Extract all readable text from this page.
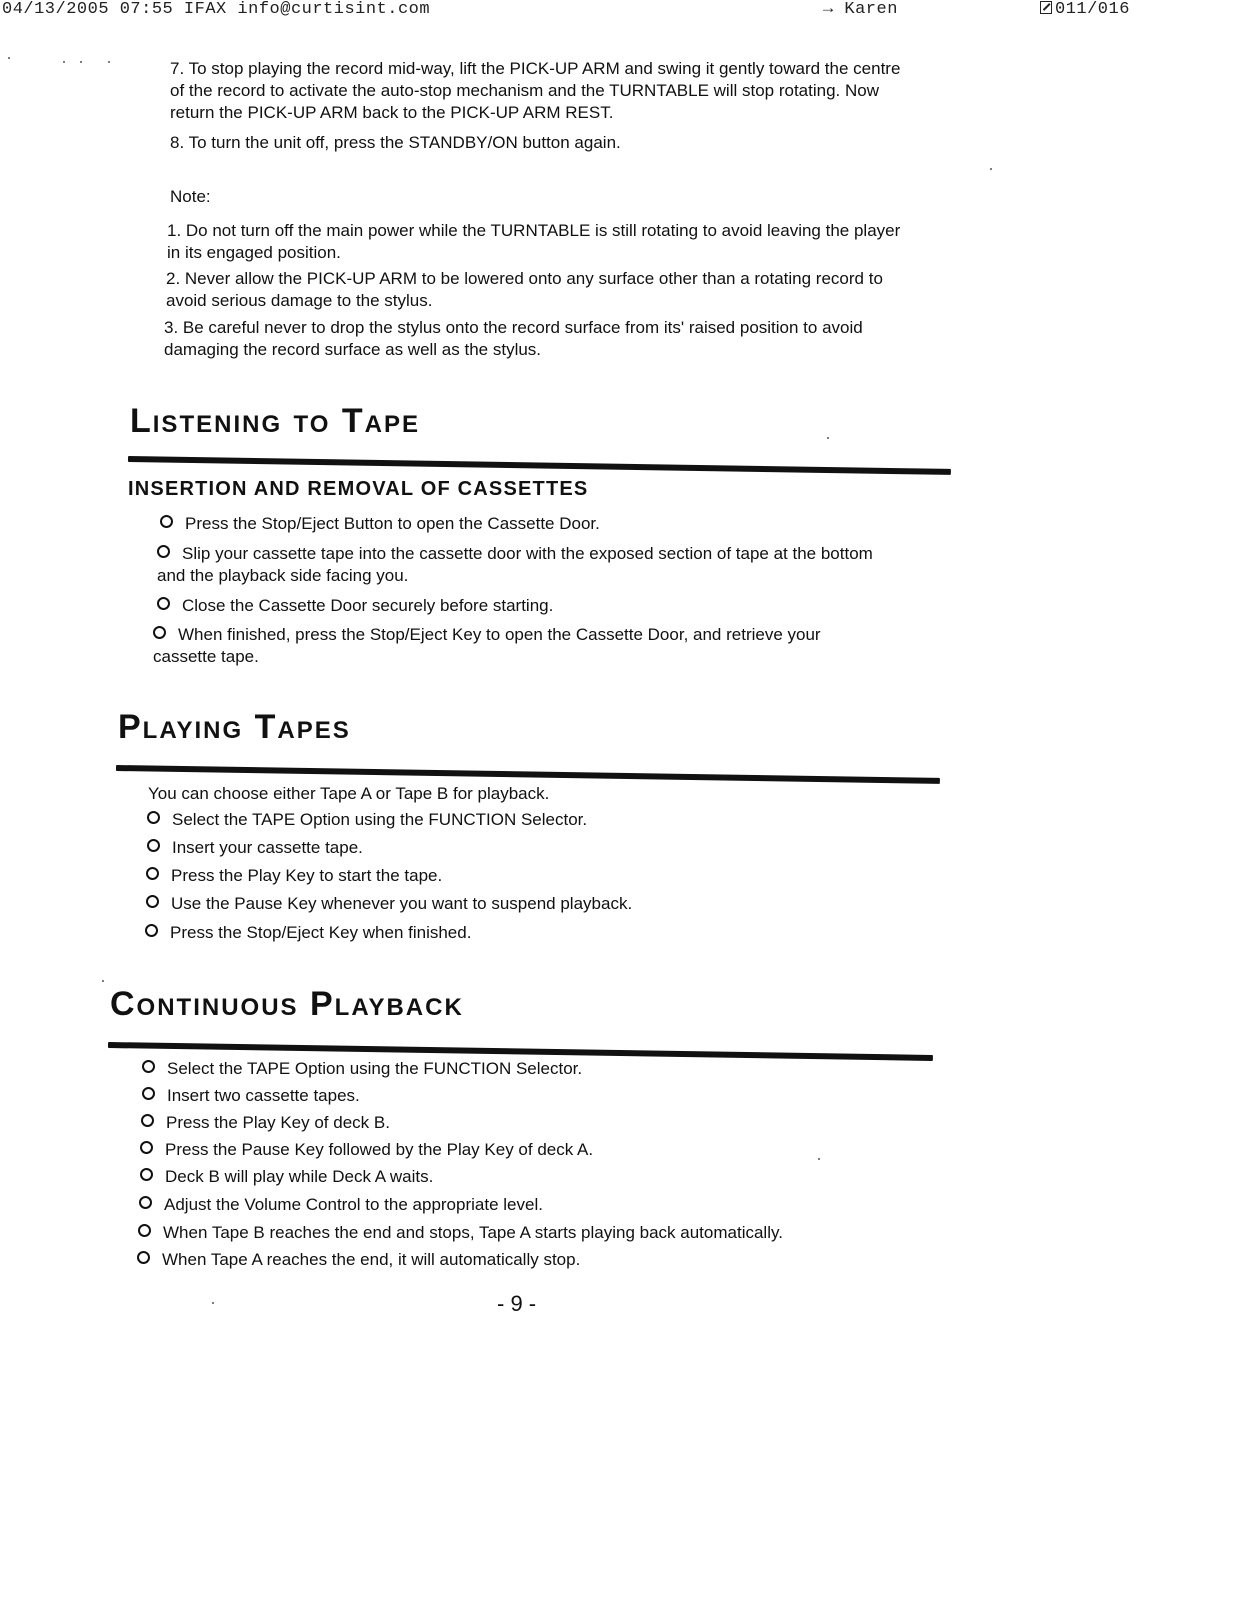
04/13/2005 07:55 IFAX info@curtisint.com	→ Karen	011/016
7. To stop playing the record mid-way, lift the PICK-UP ARM and swing it gently toward the centre of the record to activate the auto-stop mechanism and the TURNTABLE will stop rotating. Now return the PICK-UP ARM back to the PICK-UP ARM REST.
8. To turn the unit off, press the STANDBY/ON button again.
Note:
1. Do not turn off the main power while the TURNTABLE is still rotating to avoid leaving the player in its engaged position.
2. Never allow the PICK-UP ARM to be lowered onto any surface other than a rotating record to avoid serious damage to the stylus.
3. Be careful never to drop the stylus onto the record surface from its' raised position to avoid damaging the record surface as well as the stylus.
Listening to Tape
INSERTION AND REMOVAL OF CASSETTES
Press the Stop/Eject Button to open the Cassette Door.
Slip your cassette tape into the cassette door with the exposed section of tape at the bottom and the playback side facing you.
Close the Cassette Door securely before starting.
When finished, press the Stop/Eject Key to open the Cassette Door, and retrieve your cassette tape.
Playing Tapes
You can choose either Tape A or Tape B for playback.
Select the TAPE Option using the FUNCTION Selector.
Insert your cassette tape.
Press the Play Key to start the tape.
Use the Pause Key whenever you want to suspend playback.
Press the Stop/Eject Key when finished.
Continuous Playback
Select the TAPE Option using the FUNCTION Selector.
Insert two cassette tapes.
Press the Play Key of deck B.
Press the Pause Key followed by the Play Key of deck A.
Deck B will play while Deck A waits.
Adjust the Volume Control to the appropriate level.
When Tape B reaches the end and stops, Tape A starts playing back automatically.
When Tape A reaches the end, it will automatically stop.
- 9 -
